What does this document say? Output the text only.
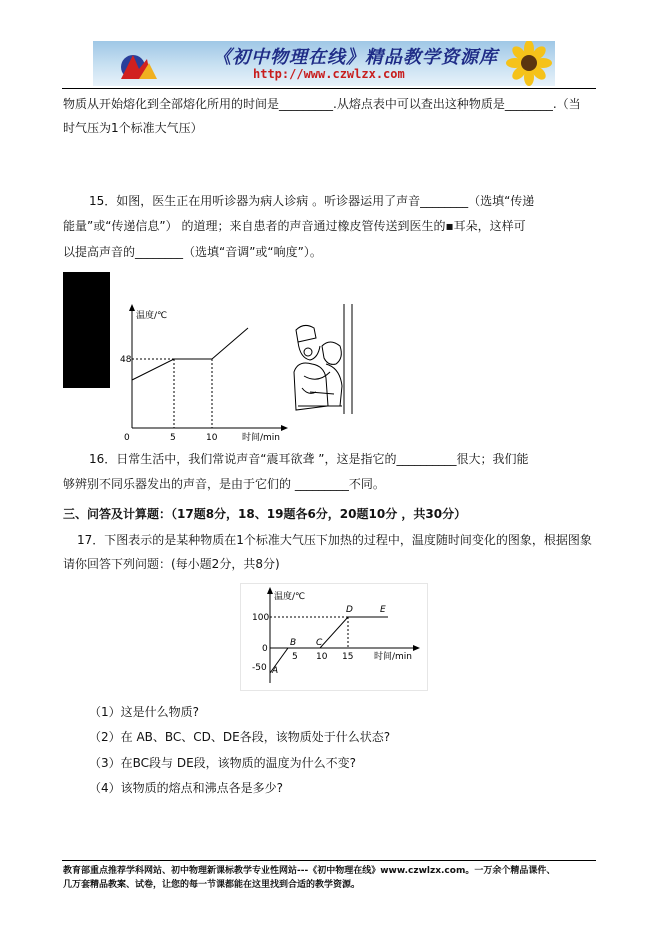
《初中物理在线》精品教学资源库
http://www.czwlzx.com
物质从开始熔化到全部熔化所用的时间是_________.从熔点表中可以查出这种物质是________.（当
时气压为1个标准大气压）
15．如图，医生正在用听诊器为病人诊病 。听诊器运用了声音________（选填“传递
能量”或“传递信息”） 的道理；来自患者的声音通过橡皮管传送到医生的▪耳朵，这样可
以提高声音的________（选填“音调”或“响度”）。
温度/℃
48
0	5	10	时间/min
16．日常生活中，我们常说声音“震耳欲聋 ”，这是指它的__________很大；我们能
够辨别不同乐器发出的声音，是由于它们的 _________不同。
三、问答及计算题：（17题8分，18、19题各6分，20题10分 ，共30分）
17．下图表示的是某种物质在1个标准大气压下加热的过程中，温度随时间变化的图象，根据图象
请你回答下列问题：(每小题2分，共8分)
温度/℃
100
0
-50
5 10 15 时间/min
A
B C
D	E
（1）这是什么物质?
（2）在 AB、BC、CD、DE各段，该物质处于什么状态?
（3）在BC段与 DE段，该物质的温度为什么不变?
（4）该物质的熔点和沸点各是多少?
教育部重点推荐学科网站、初中物理新课标教学专业性网站---《初中物理在线》www.czwlzx.com。一万余个精品课件、
几万套精品教案、试卷，让您的每一节课都能在这里找到合适的教学资源。
